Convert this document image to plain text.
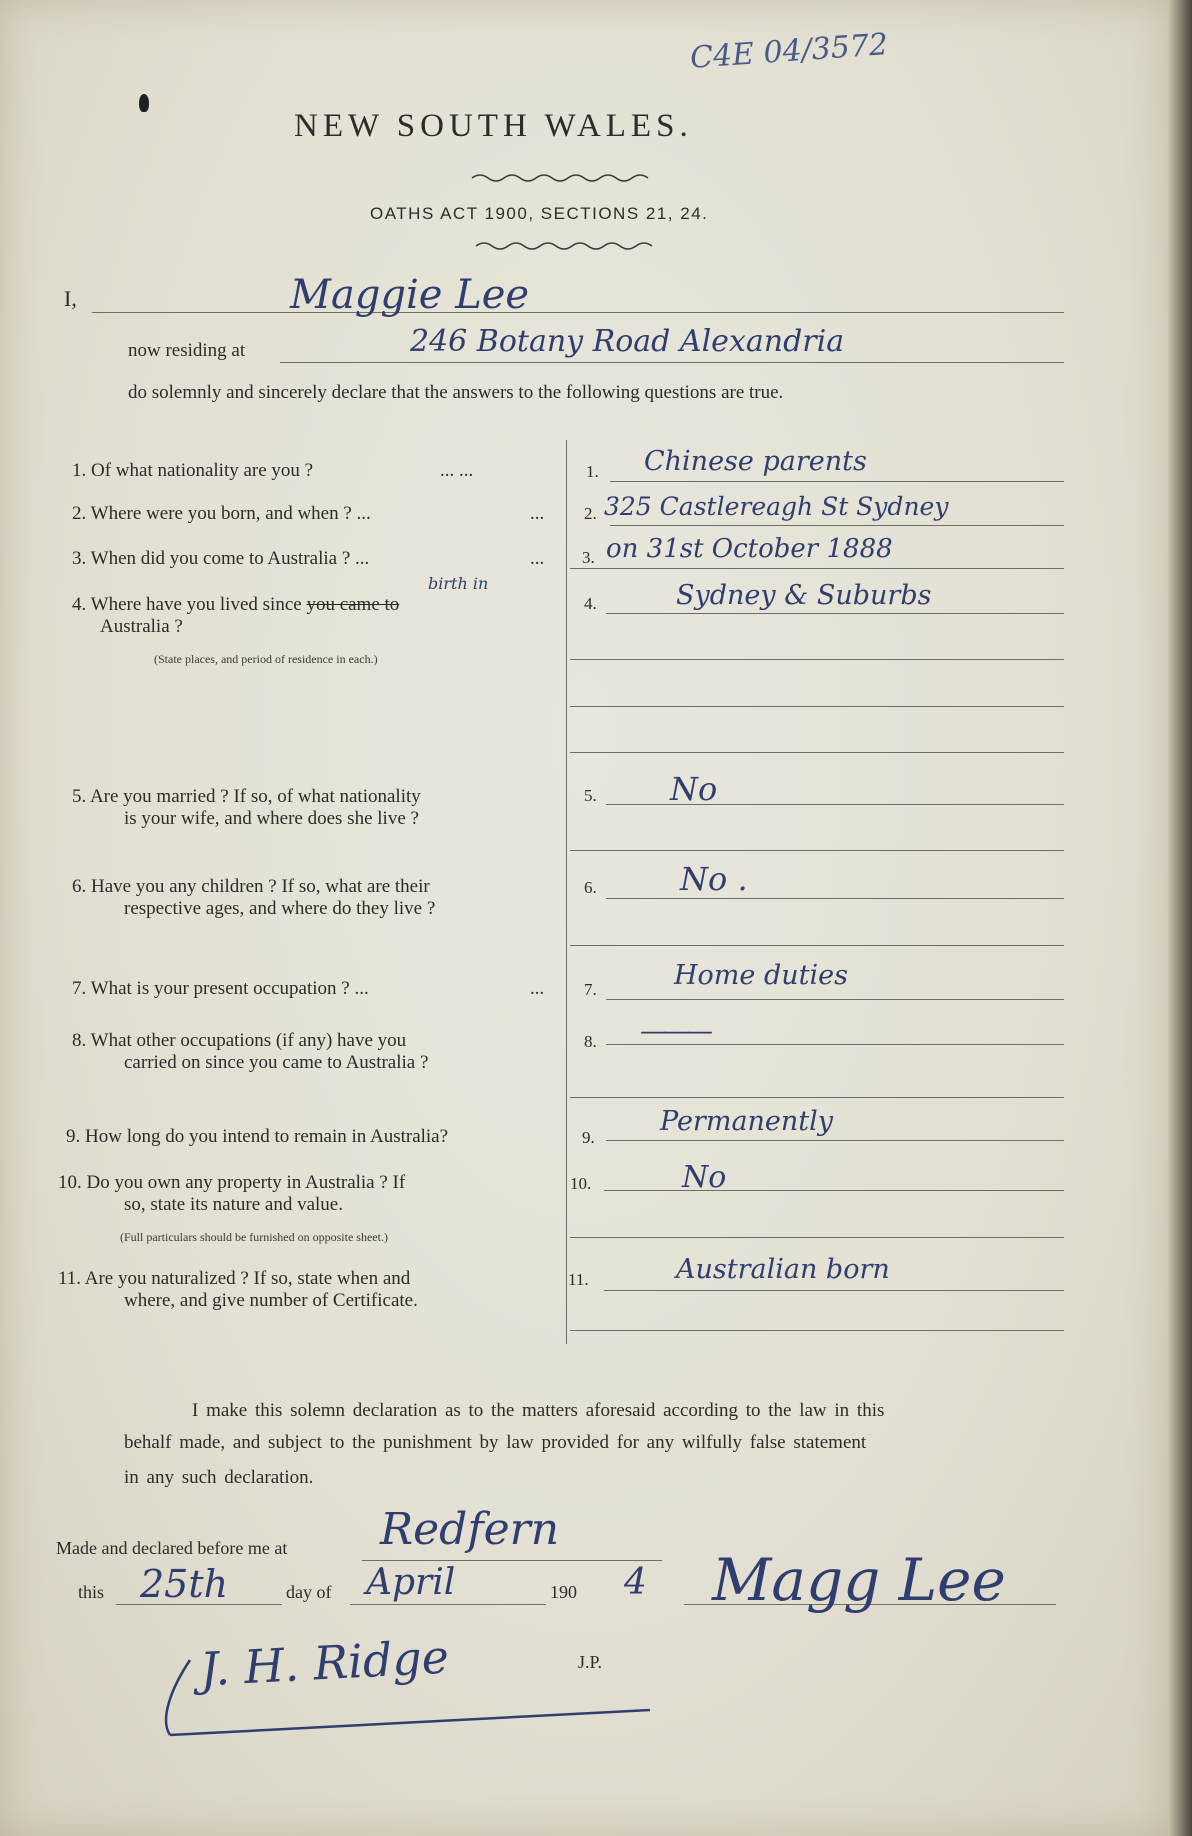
C4E 04/3572
NEW SOUTH WALES.
OATHS ACT 1900, SECTIONS 21, 24.
I,	Maggie Lee
now residing at	246 Botany Road Alexandria
do solemnly and sincerely declare that the answers to the following questions are true.
1. Of what nationality are you ?	... ...	1. Chinese parents
2. Where were you born, and when ? ...	... 2. 325 Castlereagh St Sydney
3. When did you come to Australia ? ...	... 3. on 31st October 1888
4. Where have you lived since you came to
birth in
Australia ?
(State places, and period of residence in each.)
4.	Sydney & Suburbs
5. Are you married ? If so, of what nationality
is your wife, and where does she live ?
5. No
6. Have you any children ? If so, what are their
respective ages, and where do they live ?
6.	No .
7. What is your present occupation ? ...	... 7.	Home duties
8. What other occupations (if any) have you
carried on since you came to Australia ?
8. ———
9. How long do you intend to remain in Australia?	9.
Permanently
10. Do you own any property in Australia ? If
so, state its nature and value.
(Full particulars should be furnished on opposite sheet.)
10.	No
11. Are you naturalized ? If so, state when and
where, and give number of Certificate.
11.	Australian born
I make this solemn declaration as to the matters aforesaid according to the law in this
behalf made, and subject to the punishment by law provided for any wilfully false statement
in any such declaration.
Made and declared before me at Redfern
this 25th	day of April	190 4 Magg Lee
J. H. Ridge	J.P.
